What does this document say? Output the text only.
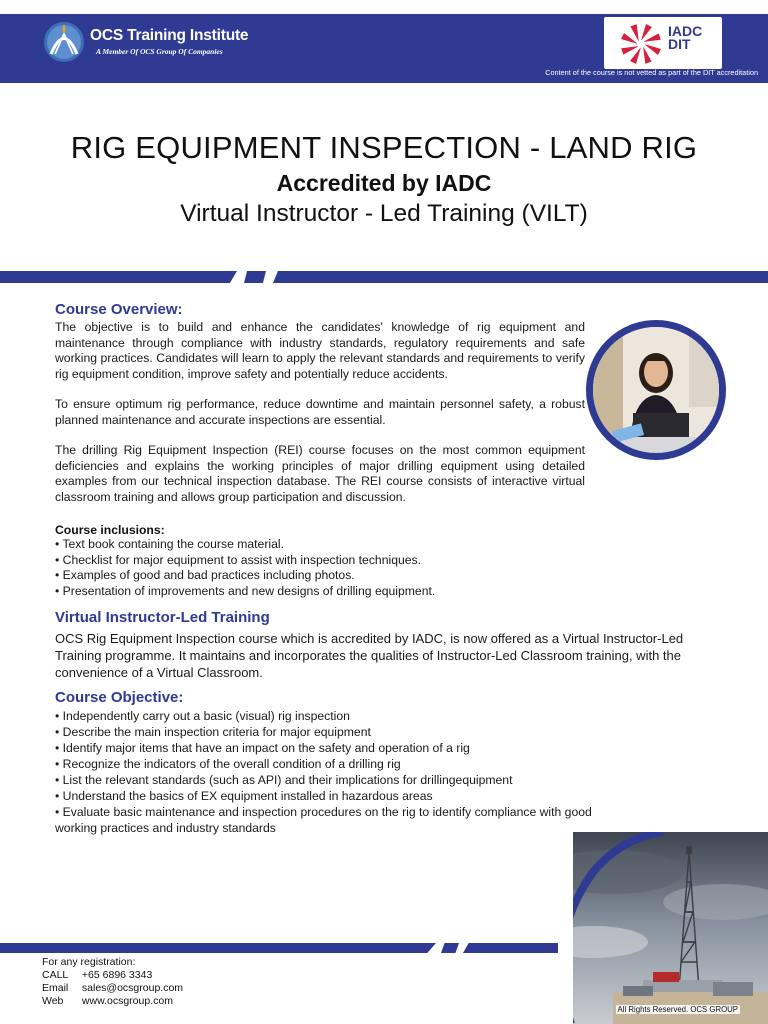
OCS Training Institute
A Member Of OCS Group Of Companies
IADC
DIT
Content of the course is not vetted as part of the DIT accreditation
RIG EQUIPMENT INSPECTION - LAND RIG
Accredited by IADC
Virtual Instructor - Led Training (VILT)
Course Overview:

The objective is to build and enhance the candidates' knowledge of rig equipment and maintenance through compliance with industry standards, regulatory requirements and safe working practices. Candidates will learn to apply the relevant standards and requirements to verify rig equipment condition, improve safety and potentially reduce accidents.

To ensure optimum rig performance, reduce downtime and maintain personnel safety, a robust planned maintenance and accurate inspections are essential.

The drilling Rig Equipment Inspection (REI) course focuses on the most common equipment deficiencies and explains the working principles of major drilling equipment using detailed examples from our technical inspection database. The REI course consists of interactive virtual classroom training and allows group participation and discussion.

Course inclusions:
• Text book containing the course material.
• Checklist for major equipment to assist with inspection techniques.
• Examples of good and bad practices including photos.
• Presentation of improvements and new designs of drilling equipment.
Virtual Instructor-Led Training

OCS Rig Equipment Inspection course which is accredited by IADC, is now offered as a Virtual Instructor-Led Training programme. It maintains and incorporates the qualities of Instructor-Led Classroom training, with the convenience of a Virtual Classroom.

Course Objective:
• Independently carry out a basic (visual) rig inspection
• Describe the main inspection criteria for major equipment
• Identify major items that have an impact on the safety and operation of a rig
• Recognize the indicators of the overall condition of a drilling rig
• List the relevant standards (such as API) and their implications for drillingequipment
• Understand the basics of EX equipment installed in hazardous areas
• Evaluate basic maintenance and inspection procedures on the rig to identify compliance with good working practices and industry standards
For any registration:
CALL +65 6896 3343
Email sales@ocsgroup.com
Web www.ocsgroup.com
All Rights Reserved. OCS GROUP
